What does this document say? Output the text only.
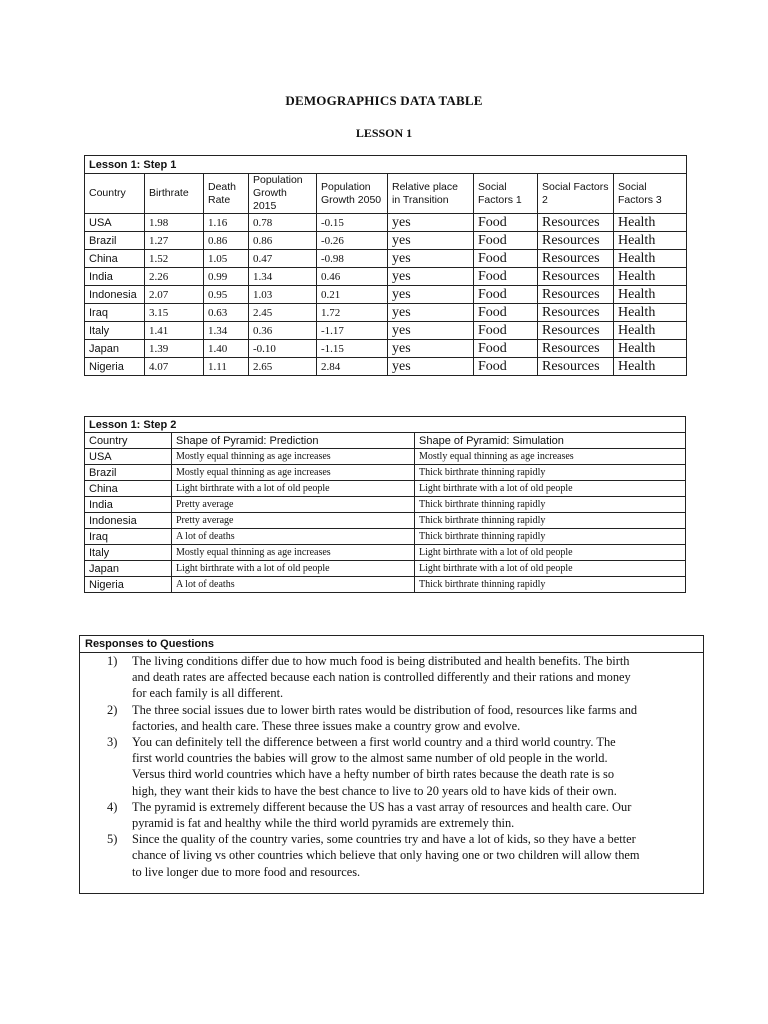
DEMOGRAPHICS DATA TABLE
LESSON 1
Lesson 1: Step 1								
Country	Birthrate	Death Rate	Population Growth 2015	Population Growth 2050	Relative place in Transition	Social Factors 1	Social Factors 2	Social Factors 3
USA	1.98	1.16	0.78	-0.15	yes	Food	Resources	Health
Brazil	1.27	0.86	0.86	-0.26	yes	Food	Resources	Health
China	1.52	1.05	0.47	-0.98	yes	Food	Resources	Health
India	2.26	0.99	1.34	0.46	yes	Food	Resources	Health
Indonesia	2.07	0.95	1.03	0.21	yes	Food	Resources	Health
Iraq	3.15	0.63	2.45	1.72	yes	Food	Resources	Health
Italy	1.41	1.34	0.36	-1.17	yes	Food	Resources	Health
Japan	1.39	1.40	-0.10	-1.15	yes	Food	Resources	Health
Nigeria	4.07	1.11	2.65	2.84	yes	Food	Resources	Health
Lesson 1: Step 2		
Country	Shape of Pyramid: Prediction	Shape of Pyramid: Simulation
USA	Mostly equal thinning as age increases	Mostly equal thinning as age increases
Brazil	Mostly equal thinning as age increases	Thick birthrate thinning rapidly
China	Light birthrate with a lot of old people	Light birthrate with a lot of old people
India	Pretty average	Thick birthrate thinning rapidly
Indonesia	Pretty average	Thick birthrate thinning rapidly
Iraq	A lot of deaths	Thick birthrate thinning rapidly
Italy	Mostly equal thinning as age increases	Light birthrate with a lot of old people
Japan	Light birthrate with a lot of old people	Light birthrate with a lot of old people
Nigeria	A lot of deaths	Thick birthrate thinning rapidly
Responses to Questions
1) The living conditions differ due to how much food is being distributed and health benefits. The birth
and death rates are affected because each nation is controlled differently and their rations and money
for each family is all different.
2) The three social issues due to lower birth rates would be distribution of food, resources like farms and
factories, and health care. These three issues make a country grow and evolve.
3) You can definitely tell the difference between a first world country and a third world country. The
first world countries the babies will grow to the almost same number of old people in the world.
Versus third world countries which have a hefty number of birth rates because the death rate is so
high, they want their kids to have the best chance to live to 20 years old to have kids of their own.
4) The pyramid is extremely different because the US has a vast array of resources and health care. Our
pyramid is fat and healthy while the third world pyramids are extremely thin.
5) Since the quality of the country varies, some countries try and have a lot of kids, so they have a better
chance of living vs other countries which believe that only having one or two children will allow them
to live longer due to more food and resources.
